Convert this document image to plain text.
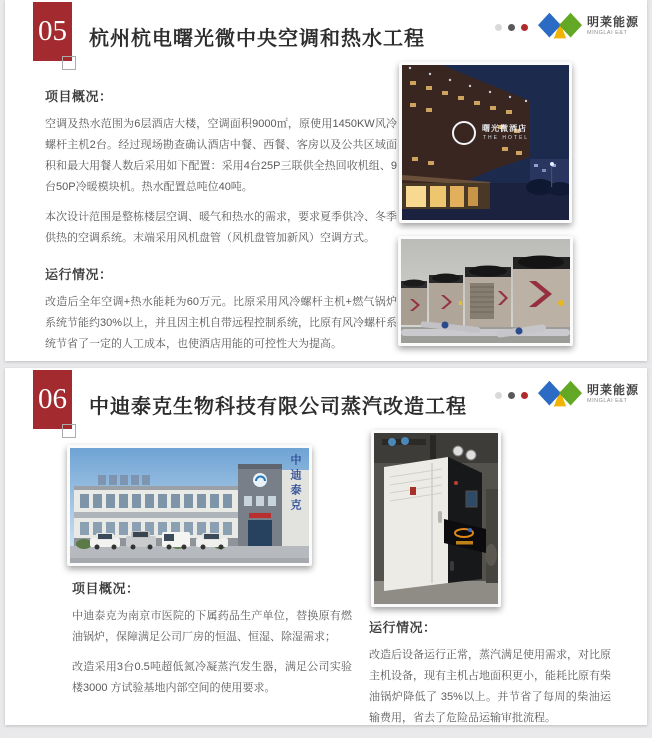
05 杭州杭电曙光微中央空调和热水工程
明莱能源
MINGLAI E&T
项目概况：

空调及热水范围为6层酒店大楼，空调面积9000㎡，原使用1450KW风冷螺杆主机2台。经过现场勘查确认酒店中餐、西餐、客房以及公共区域面积和最大用餐人数后采用如下配置：采用4台25P三联供全热回收机组、9台50P冷暖模块机。热水配置总吨位40吨。

本次设计范围是整栋楼层空调、暖气和热水的需求，要求夏季供冷、冬季供热的空调系统。末端采用风机盘管（风机盘管加新风）空调方式。

运行情况：

改造后全年空调+热水能耗为60万元。比原采用风冷螺杆主机+燃气锅炉系统节能约30%以上，并且因主机自带远程控制系统，比原有风冷螺杆系统节省了一定的人工成本，也使酒店用能的可控性大为提高。

曙光微酒店
THE HOTEL
06 中迪泰克生物科技有限公司蒸汽改造工程
明莱能源
MINGLAI E&T
中迪泰克
项目概况：

中迪泰克为南京市医院的下属药品生产单位，替换原有燃油锅炉，保障满足公司厂房的恒温、恒湿、除湿需求；

改造采用3台0.5吨超低氮冷凝蒸汽发生器，满足公司实验楼3000 方试验基地内部空间的使用要求。

运行情况：

改造后设备运行正常，蒸汽满足使用需求，对比原主机设备，现有主机占地面积更小，能耗比原有柴油锅炉降低了 35%以上。并节省了每周的柴油运输费用，省去了危险品运输审批流程。
